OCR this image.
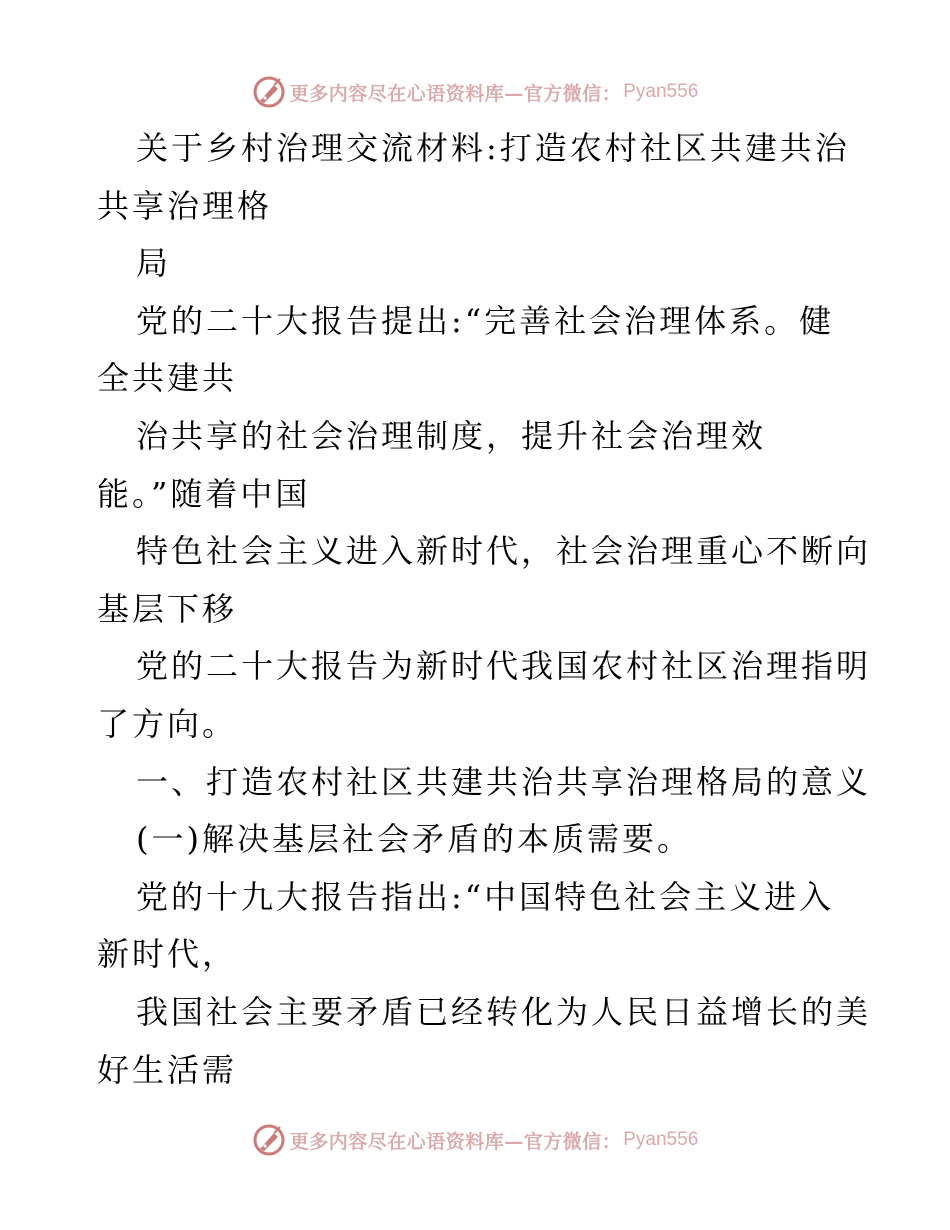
更多内容尽在心语资料库—官方微信： Pyan556
关于乡村治理交流材料:打造农村社区共建共治
共享治理格
局
党的二十大报告提出:“完善社会治理体系。健
全共建共
治共享的社会治理制度，提升社会治理效
能。”随着中国
特色社会主义进入新时代，社会治理重心不断向
基层下移
党的二十大报告为新时代我国农村社区治理指明
了方向。
一、打造农村社区共建共治共享治理格局的意义
(一)解决基层社会矛盾的本质需要。
党的十九大报告指出:“中国特色社会主义进入
新时代，
我国社会主要矛盾已经转化为人民日益增长的美
好生活需
更多内容尽在心语资料库—官方微信： Pyan556
